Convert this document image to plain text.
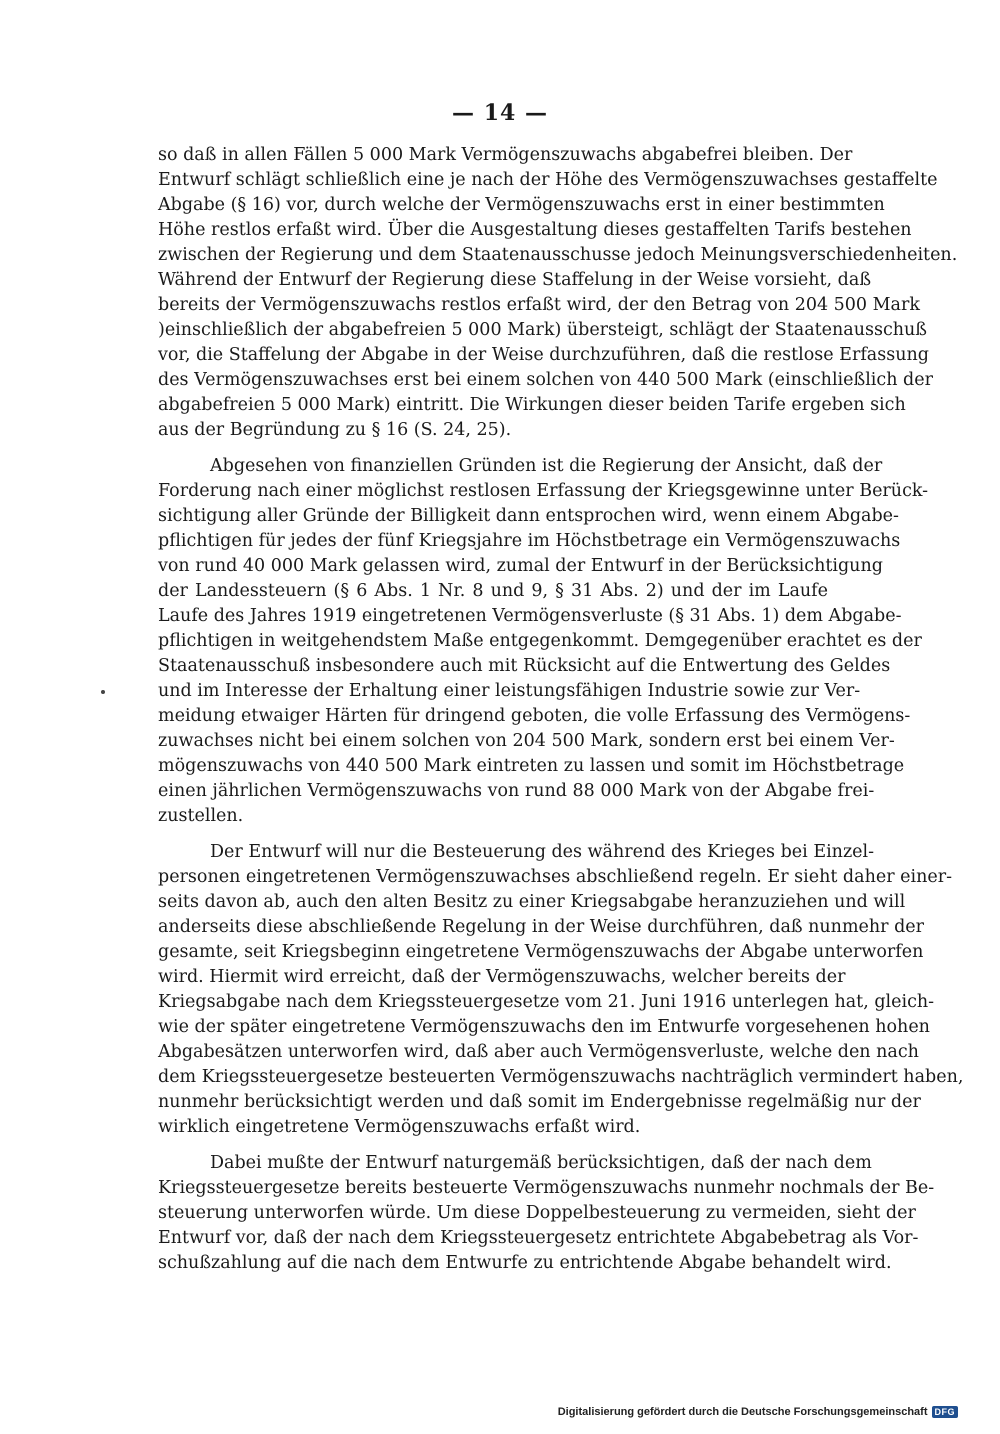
— 14 —

so daß in allen Fällen 5 000 Mark Vermögenszuwachs abgabefrei bleiben. Der

Entwurf schlägt schließlich eine je nach der Höhe des Vermögenszuwachses gestaffelte

Abgabe (§ 16) vor, durch welche der Vermögenszuwachs erst in einer bestimmten

Höhe restlos erfaßt wird. Über die Ausgestaltung dieses gestaffelten Tarifs bestehen

zwischen der Regierung und dem Staatenausschusse jedoch Meinungsverschiedenheiten.

Während der Entwurf der Regierung diese Staffelung in der Weise vorsieht, daß

bereits der Vermögenszuwachs restlos erfaßt wird, der den Betrag von 204 500 Mark

)einschließlich der abgabefreien 5 000 Mark) übersteigt, schlägt der Staatenausschuß

vor, die Staffelung der Abgabe in der Weise durchzuführen, daß die restlose Erfassung

des Vermögenszuwachses erst bei einem solchen von 440 500 Mark (einschließlich der

abgabefreien 5 000 Mark) eintritt. Die Wirkungen dieser beiden Tarife ergeben sich

aus der Begründung zu § 16 (S. 24, 25).

Abgesehen von finanziellen Gründen ist die Regierung der Ansicht, daß der

Forderung nach einer möglichst restlosen Erfassung der Kriegsgewinne unter Berück-

sichtigung aller Gründe der Billigkeit dann entsprochen wird, wenn einem Abgabe-

pflichtigen für jedes der fünf Kriegsjahre im Höchstbetrage ein Vermögenszuwachs

von rund 40 000 Mark gelassen wird, zumal der Entwurf in der Berücksichtigung

der Landessteuern (§ 6 Abs. 1 Nr. 8 und 9, § 31 Abs. 2) und der im Laufe

Laufe des Jahres 1919 eingetretenen Vermögensverluste (§ 31 Abs. 1) dem Abgabe-

pflichtigen in weitgehendstem Maße entgegenkommt. Demgegenüber erachtet es der

Staatenausschuß insbesondere auch mit Rücksicht auf die Entwertung des Geldes

und im Interesse der Erhaltung einer leistungsfähigen Industrie sowie zur Ver-

meidung etwaiger Härten für dringend geboten, die volle Erfassung des Vermögens-

zuwachses nicht bei einem solchen von 204 500 Mark, sondern erst bei einem Ver-

mögenszuwachs von 440 500 Mark eintreten zu lassen und somit im Höchstbetrage

einen jährlichen Vermögenszuwachs von rund 88 000 Mark von der Abgabe frei-

zustellen.

Der Entwurf will nur die Besteuerung des während des Krieges bei Einzel-

personen eingetretenen Vermögenszuwachses abschließend regeln. Er sieht daher einer-

seits davon ab, auch den alten Besitz zu einer Kriegsabgabe heranzuziehen und will

anderseits diese abschließende Regelung in der Weise durchführen, daß nunmehr der

gesamte, seit Kriegsbeginn eingetretene Vermögenszuwachs der Abgabe unterworfen

wird. Hiermit wird erreicht, daß der Vermögenszuwachs, welcher bereits der

Kriegsabgabe nach dem Kriegssteuergesetze vom 21. Juni 1916 unterlegen hat, gleich-

wie der später eingetretene Vermögenszuwachs den im Entwurfe vorgesehenen hohen

Abgabesätzen unterworfen wird, daß aber auch Vermögensverluste, welche den nach

dem Kriegssteuergesetze besteuerten Vermögenszuwachs nachträglich vermindert haben,

nunmehr berücksichtigt werden und daß somit im Endergebnisse regelmäßig nur der

wirklich eingetretene Vermögenszuwachs erfaßt wird.

Dabei mußte der Entwurf naturgemäß berücksichtigen, daß der nach dem

Kriegssteuergesetze bereits besteuerte Vermögenszuwachs nunmehr nochmals der Be-

steuerung unterworfen würde. Um diese Doppelbesteuerung zu vermeiden, sieht der

Entwurf vor, daß der nach dem Kriegssteuergesetz entrichtete Abgabebetrag als Vor-

schußzahlung auf die nach dem Entwurfe zu entrichtende Abgabe behandelt wird.

Digitalisierung gefördert durch die Deutsche Forschungsgemeinschaft DFG
